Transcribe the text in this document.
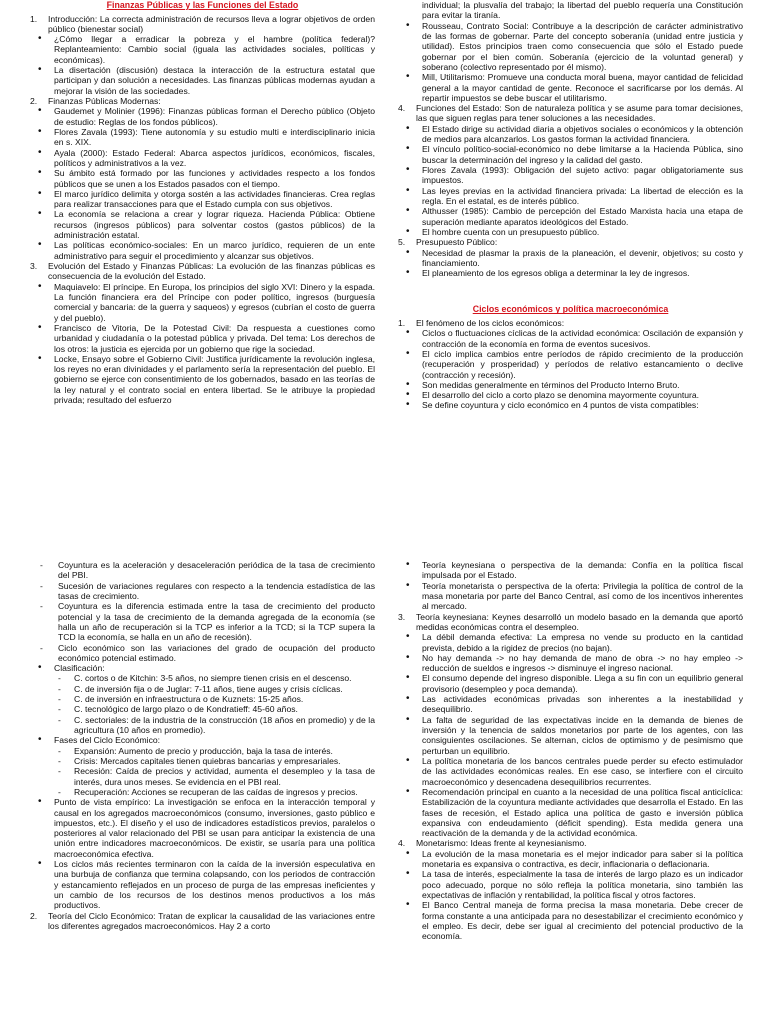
Finanzas Públicas y las Funciones del Estado
1. Introducción: La correcta administración de recursos lleva a lograr objetivos de orden público (bienestar social)
• ¿Cómo llegar a erradicar la pobreza y el hambre (política federal)? Replanteamiento: Cambio social (iguala las actividades sociales, políticas y económicas).
• La disertación (discusión) destaca la interacción de la estructura estatal que participan y dan solución a necesidades. Las finanzas públicas modernas ayudan a mejorar la visión de las sociedades.
2. Finanzas Públicas Modernas:
• Gaudemet y Molinier (1996): Finanzas públicas forman el Derecho público (Objeto de estudio: Reglas de los fondos públicos).
• Flores Zavala (1993): Tiene autonomía y su estudio multi e interdisciplinario inicia en s. XIX.
• Ayala (2000): Estado Federal: Abarca aspectos jurídicos, económicos, fiscales, políticos y administrativos a la vez.
• Su ámbito está formado por las funciones y actividades respecto a los fondos públicos que se unen a los Estados pasados con el tiempo.
• El marco jurídico delimita y otorga sostén a las actividades financieras. Crea reglas para realizar transacciones para que el Estado cumpla con sus objetivos.
• La economía se relaciona a crear y lograr riqueza. Hacienda Pública: Obtiene recursos (ingresos públicos) para solventar costos (gastos públicos) de la administración estatal.
• Las políticas económico-sociales: En un marco jurídico, requieren de un ente administrativo para seguir el procedimiento y alcanzar sus objetivos.
3. Evolución del Estado y Finanzas Públicas: La evolución de las finanzas públicas es consecuencia de la evolución del Estado.
• Maquiavelo: El príncipe. En Europa, los principios del siglo XVI: Dinero y la espada. La función financiera era del Príncipe con poder político, ingresos (burguesía comercial y bancaria: de la guerra y saqueos) y egresos (cubrían el costo de guerra y del pueblo).
• Francisco de Vitoria, De la Potestad Civil: Da respuesta a cuestiones como urbanidad y ciudadanía o la potestad pública y privada. Del tema: Los derechos de los otros: la justicia es ejercida por un gobierno que rige la sociedad.
• Locke, Ensayo sobre el Gobierno Civil: Justifica jurídicamente la revolución inglesa, los reyes no eran divinidades y el parlamento sería la representación del pueblo. El gobierno se ejerce con consentimiento de los gobernados, basado en las teorías de la ley natural y el contrato social en entera libertad. Se le atribuye la propiedad privada; resultado del esfuerzo
individual; la plusvalía del trabajo; la libertad del pueblo requería una Constitución para evitar la tiranía.
• Rousseau, Contrato Social: Contribuye a la descripción de carácter administrativo de las formas de gobernar. Parte del concepto soberanía (unidad entre justicia y utilidad). Estos principios traen como consecuencia que sólo el Estado puede gobernar por el bien común. Soberanía (ejercicio de la voluntad general) y soberano (colectivo representado por él mismo).
• Mill, Utilitarismo: Promueve una conducta moral buena, mayor cantidad de felicidad general a la mayor cantidad de gente. Reconoce el sacrificarse por los demás. Al repartir impuestos se debe buscar el utilitarismo.
4. Funciones del Estado: Son de naturaleza política y se asume para tomar decisiones, las que siguen reglas para tener soluciones a las necesidades.
• El Estado dirige su actividad diaria a objetivos sociales o económicos y la obtención de medios para alcanzarlos. Los gastos forman la actividad financiera.
• El vínculo político-social-económico no debe limitarse a la Hacienda Pública, sino buscar la determinación del ingreso y la calidad del gasto.
• Flores Zavala (1993): Obligación del sujeto activo: pagar obligatoriamente sus impuestos.
• Las leyes previas en la actividad financiera privada: La libertad de elección es la regla. En el estatal, es de interés público.
• Althusser (1985): Cambio de percepción del Estado Marxista hacia una etapa de superación mediante aparatos ideológicos del Estado.
• El hombre cuenta con un presupuesto público.
5. Presupuesto Público:
• Necesidad de plasmar la praxis de la planeación, el devenir, objetivos; su costo y financiamiento.
• El planeamiento de los egresos obliga a determinar la ley de ingresos.
Ciclos económicos y política macroeconómica
1. El fenómeno de los ciclos económicos:
• Ciclos o fluctuaciones cíclicas de la actividad económica: Oscilación de expansión y contracción de la economía en forma de eventos sucesivos.
• El ciclo implica cambios entre períodos de rápido crecimiento de la producción (recuperación y prosperidad) y períodos de relativo estancamiento o declive (contracción y recesión).
• Son medidas generalmente en términos del Producto Interno Bruto.
• El desarrollo del ciclo a corto plazo se denomina mayormente coyuntura.
• Se define coyuntura y ciclo económico en 4 puntos de vista compatibles:
- Coyuntura es la aceleración y desaceleración periódica de la tasa de crecimiento del PBI.
- Sucesión de variaciones regulares con respecto a la tendencia estadística de las tasas de crecimiento.
- Coyuntura es la diferencia estimada entre la tasa de crecimiento del producto potencial y la tasa de crecimiento de la demanda agregada de la economía (se halla un año de recuperación si la TCP es inferior a la TCD; si la TCP supera la TCD la economía, se halla en un año de recesión).
- Ciclo económico son las variaciones del grado de ocupación del producto económico potencial estimado.
• Clasificación:
- C. cortos o de Kitchin: 3-5 años, no siempre tienen crisis en el descenso.
- C. de inversión fija o de Juglar: 7-11 años, tiene auges y crisis cíclicas.
- C. de inversión en infraestructura o de Kuznets: 15-25 años.
- C. tecnológico de largo plazo o de Kondratieff: 45-60 años.
- C. sectoriales: de la industria de la construcción (18 años en promedio) y de la agricultura (10 años en promedio).
• Fases del Ciclo Económico:
- Expansión: Aumento de precio y producción, baja la tasa de interés.
- Crisis: Mercados capitales tienen quiebras bancarias y empresariales.
- Recesión: Caída de precios y actividad, aumenta el desempleo y la tasa de interés, dura unos meses. Se evidencia en el PBI real.
- Recuperación: Acciones se recuperan de las caídas de ingresos y precios.
• Punto de vista empírico: La investigación se enfoca en la interacción temporal y causal en los agregados macroeconómicos (consumo, inversiones, gasto público e impuestos, etc.). El diseño y el uso de indicadores estadísticos previos, paralelos o posteriores al valor relacionado del PBI se usan para anticipar la existencia de una unión entre indicadores macroeconómicos. De existir, se usaría para una política macroeconómica efectiva.
• Los ciclos más recientes terminaron con la caída de la inversión especulativa en una burbuja de confianza que termina colapsando, con los periodos de contracción y estancamiento reflejados en un proceso de purga de las empresas ineficientes y un cambio de los recursos de los destinos menos productivos a los más productivos.
2. Teoría del Ciclo Económico: Tratan de explicar la causalidad de las variaciones entre los diferentes agregados macroeconómicos. Hay 2 a corto
• Teoría keynesiana o perspectiva de la demanda: Confía en la política fiscal impulsada por el Estado.
• Teoría monetarista o perspectiva de la oferta: Privilegia la política de control de la masa monetaria por parte del Banco Central, así como de los incentivos inherentes al mercado.
3. Teoría keynesiana: Keynes desarrolló un modelo basado en la demanda que aportó medidas económicas contra el desempleo.
• La débil demanda efectiva: La empresa no vende su producto en la cantidad prevista, debido a la rigidez de precios (no bajan).
• No hay demanda -> no hay demanda de mano de obra -> no hay empleo -> reducción de sueldos e ingresos -> disminuye el ingreso nacional.
• El consumo depende del ingreso disponible. Llega a su fin con un equilibrio general provisorio (desempleo y poca demanda).
• Las actividades económicas privadas son inherentes a la inestabilidad y desequilibrio.
• La falta de seguridad de las expectativas incide en la demanda de bienes de inversión y la tenencia de saldos monetarios por parte de los agentes, con las consiguientes oscilaciones. Se alternan, ciclos de optimismo y de pesimismo que perturban un equilibrio.
• La política monetaria de los bancos centrales puede perder su efecto estimulador de las actividades económicas reales. En ese caso, se interfiere con el circuito macroeconómico y desencadena desequilibrios recurrentes.
• Recomendación principal en cuanto a la necesidad de una política fiscal anticíclica: Estabilización de la coyuntura mediante actividades que desarrolla el Estado. En las fases de recesión, el Estado aplica una política de gasto e inversión pública expansiva con endeudamiento (déficit spending). Esta medida genera una reactivación de la demanda y de la actividad económica.
4. Monetarismo: Ideas frente al keynesianismo.
• La evolución de la masa monetaria es el mejor indicador para saber si la política monetaria es expansiva o contractiva, es decir, inflacionaria o deflacionaria.
• La tasa de interés, especialmente la tasa de interés de largo plazo es un indicador poco adecuado, porque no sólo refleja la política monetaria, sino también las expectativas de inflación y rentabilidad, la política fiscal y otros factores.
• El Banco Central maneja de forma precisa la masa monetaria. Debe crecer de forma constante a una anticipada para no desestabilizar el crecimiento económico y el empleo. Es decir, debe ser igual al crecimiento del potencial productivo de la economía.
